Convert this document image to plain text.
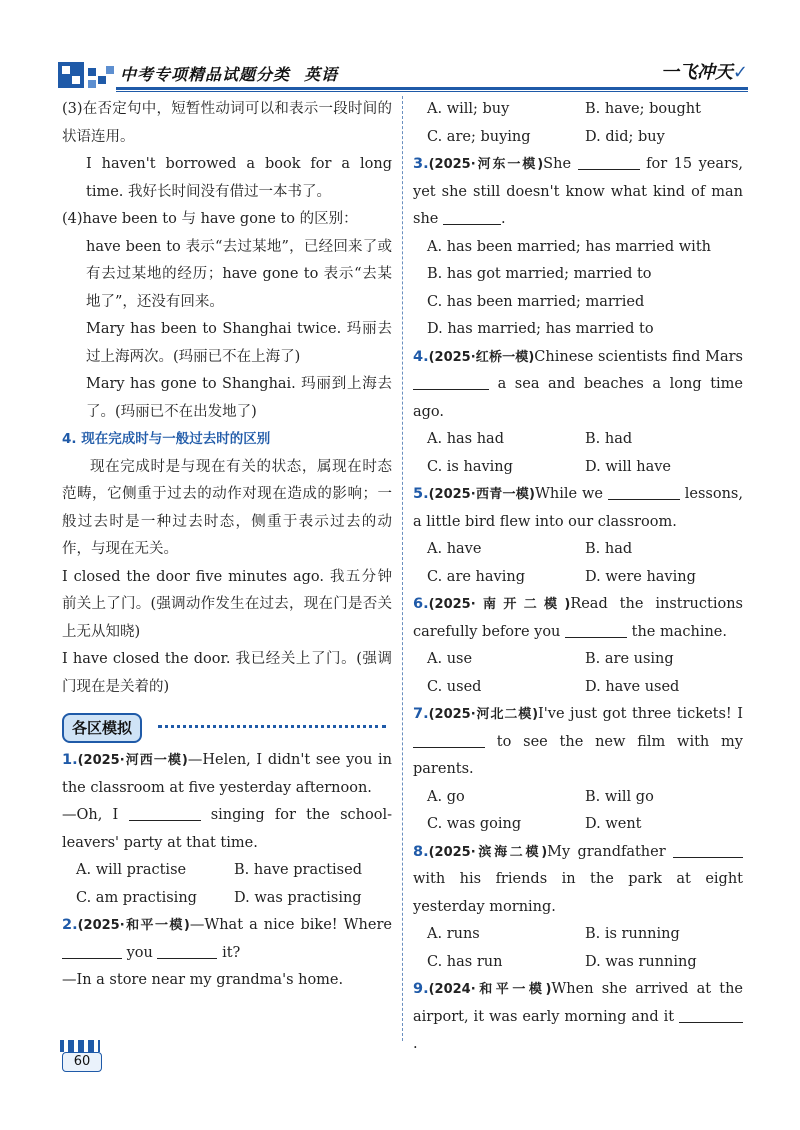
中考专项精品试题分类 英语	一飞冲天✓

(3)在否定句中，短暂性动词可以和表示一段时间的状语连用。

I haven't borrowed a book for a long time. 我好长时间没有借过一本书了。

(4)have been to 与 have gone to 的区别：

have been to 表示“去过某地”，已经回来了或有去过某地的经历；have gone to 表示“去某地了”，还没有回来。

Mary has been to Shanghai twice. 玛丽去过上海两次。(玛丽已不在上海了)

Mary has gone to Shanghai. 玛丽到上海去了。(玛丽已不在出发地了)

4. 现在完成时与一般过去时的区别

现在完成时是与现在有关的状态，属现在时态范畴，它侧重于过去的动作对现在造成的影响；一般过去时是一种过去时态，侧重于表示过去的动作，与现在无关。

I closed the door five minutes ago. 我五分钟前关上了门。(强调动作发生在过去，现在门是否关上无从知晓)

I have closed the door. 我已经关上了门。(强调门现在是关着的)

各区模拟

1.(2025·河西一模)—Helen, I didn't see you in the classroom at five yesterday afternoon.

—Oh, I	singing for the school-leavers' party at that time.

A. will practise	B. have practised
C. am practising	D. was practising

2.(2025·和平一模)—What a nice bike! Where  you	it?

—In a store near my grandma's home.

A. will; buy	B. have; bought
C. are; buying	D. did; buy

3.(2025·河东一模)She	for 15 years, yet she still doesn't know what kind of man she	.

A. has been married; has married with
B. has got married; married to
C. has been married; married
D. has married; has married to

4.(2025·红桥一模)Chinese scientists find Mars  a sea and beaches a long time ago.

A. has had	B. had
C. is having	D. will have

5.(2025·西青一模)While we	lessons, a little bird flew into our classroom.

A. have	B. had
C. are having	D. were having

6.(2025·南开二模)Read the instructions carefully before you	the machine.

A. use	B. are using
C. used	D. have used

7.(2025·河北二模)I've just got three tickets! I  to see the new film with my parents.

A. go	B. will go
C. was going	D. went

8.(2025·滨海二模)My grandfather  with his friends in the park at eight yesterday morning.

A. runs	B. is running
C. has run	D. was running

9.(2024·和平一模)When she arrived at the airport, it was early morning and it .

60
